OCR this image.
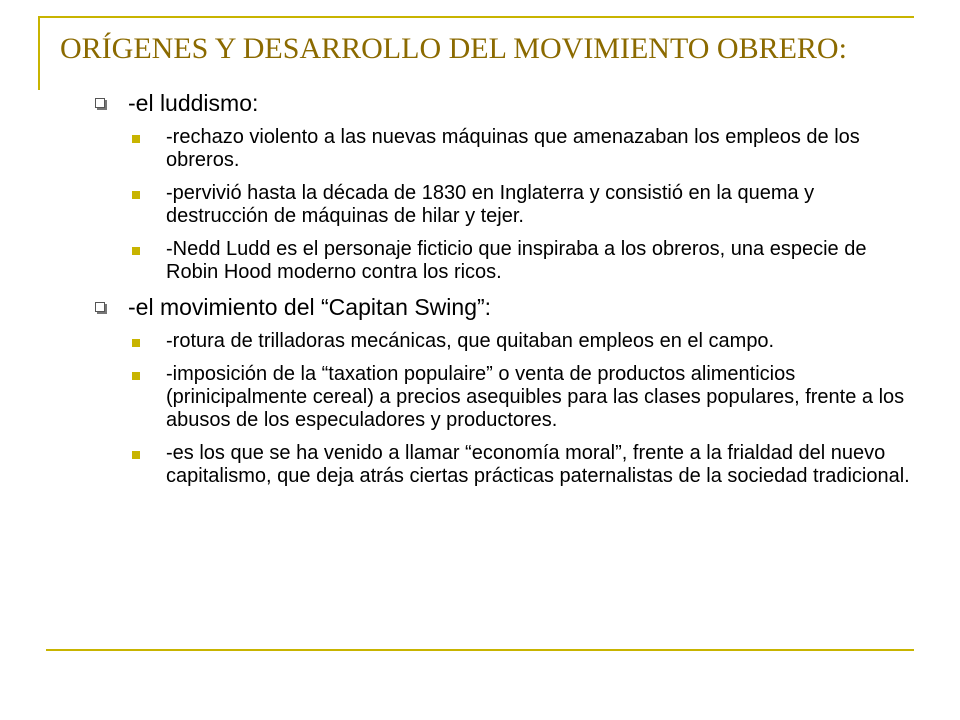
ORÍGENES Y DESARROLLO DEL MOVIMIENTO OBRERO:
-el luddismo:
-rechazo violento a las nuevas máquinas que amenazaban los empleos de los obreros.
-pervivió hasta la década de 1830 en Inglaterra y consistió en la quema y destrucción de máquinas de hilar y tejer.
-Nedd Ludd es el personaje ficticio que inspiraba a los obreros, una especie de Robin Hood moderno contra los ricos.
-el movimiento del “Capitan Swing”:
-rotura de trilladoras mecánicas, que quitaban empleos en el campo.
-imposición de la “taxation populaire” o venta de productos alimenticios (prinicipalmente cereal) a precios asequibles para las clases populares, frente a los abusos de los especuladores y productores.
-es los que se ha venido a llamar “economía moral”, frente a la frialdad del nuevo capitalismo, que deja atrás ciertas prácticas paternalistas de la sociedad tradicional.
